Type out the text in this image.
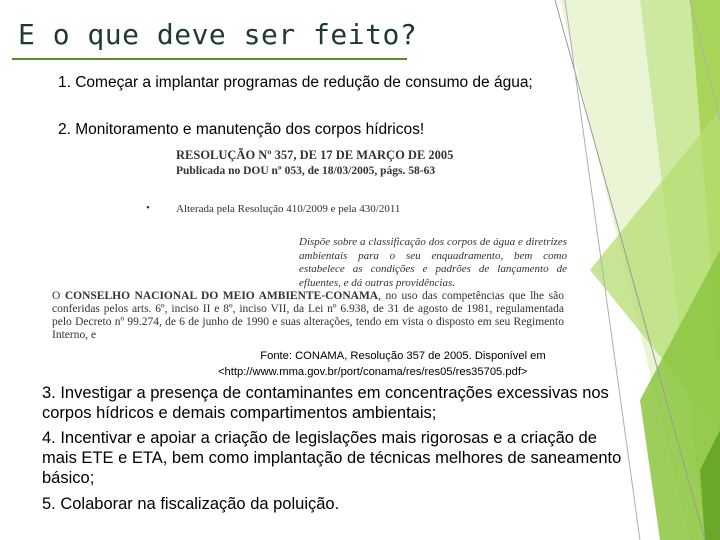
E o que deve ser feito?
1. Começar a implantar programas de redução de consumo de água;
2. Monitoramento e manutenção dos corpos hídricos!
RESOLUÇÃO Nº 357, DE 17 DE MARÇO DE 2005
Publicada no DOU nº 053, de 18/03/2005, págs. 58-63
• Alterada pela Resolução 410/2009 e pela 430/2011
Dispõe sobre a classificação dos corpos de água e diretrizes ambientais para o seu enquadramento, bem como estabelece as condições e padrões de lançamento de efluentes, e dá outras providências.

O CONSELHO NACIONAL DO MEIO AMBIENTE-CONAMA, no uso das competências que lhe são conferidas pelos arts. 6º, inciso II e 8º, inciso VII, da Lei nº 6.938, de 31 de agosto de 1981, regulamentada pelo Decreto nº 99.274, de 6 de junho de 1990 e suas alterações, tendo em vista o disposto em seu Regimento Interno, e

Fonte: CONAMA, Resolução 357 de 2005. Disponível em
<http://www.mma.gov.br/port/conama/res/res05/res35705.pdf>
3. Investigar a presença de contaminantes em concentrações excessivas nos corpos hídricos e demais compartimentos ambientais;
4. Incentivar e apoiar a criação de legislações mais rigorosas e a criação de mais ETE e ETA, bem como implantação de técnicas melhores de saneamento básico;
5. Colaborar na fiscalização da poluição.
